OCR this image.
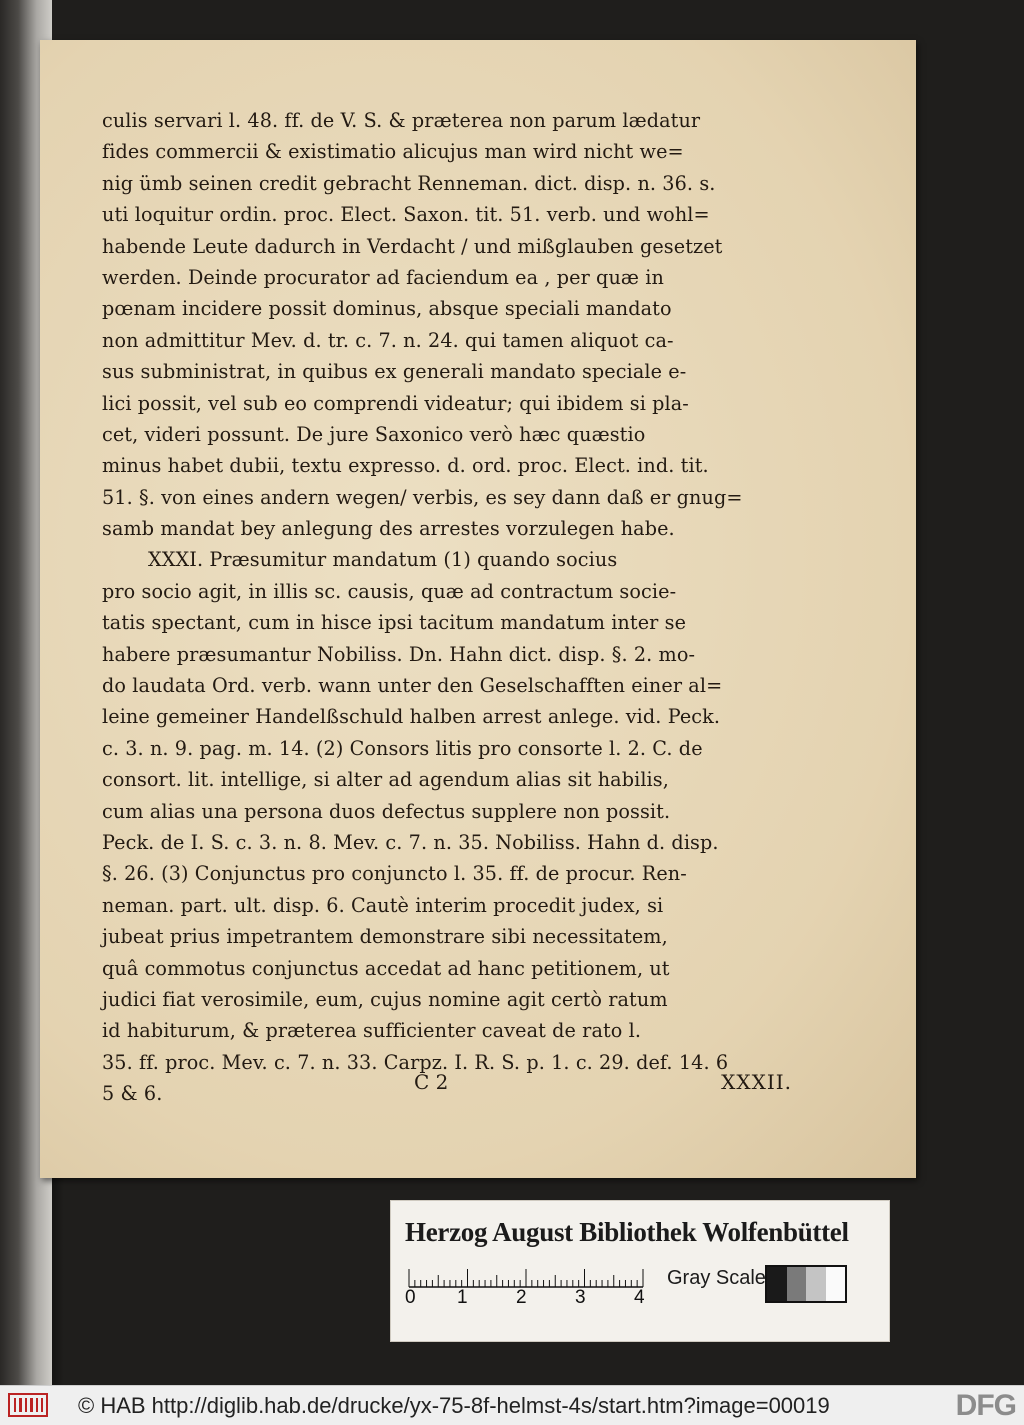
culis servari l. 48. ff. de V. S. & præterea non parum lædatur
fides commercii & existimatio alicujus man wird nicht we=
nig ümb seinen credit gebracht Renneman. dict. disp. n. 36. s.
uti loquitur ordin. proc. Elect. Saxon. tit. 51. verb. und wohl=
habende Leute dadurch in Verdacht / und mißglauben gesetzet
werden. Deinde procurator ad faciendum ea , per quæ in
pœnam incidere possit dominus, absque speciali mandato
non admittitur Mev. d. tr. c. 7. n. 24. qui tamen aliquot ca-
sus subministrat, in quibus ex generali mandato speciale e-
lici possit, vel sub eo comprendi videatur; qui ibidem si pla-
cet, videri possunt. De jure Saxonico verò hæc quæstio
minus habet dubii, textu expresso. d. ord. proc. Elect. ind. tit.
51. §. von eines andern wegen/ verbis, es sey dann daß er gnug=
samb mandat bey anlegung des arrestes vorzulegen habe.
XXXI. Præsumitur mandatum (1) quando socius
pro socio agit, in illis sc. causis, quæ ad contractum socie-
tatis spectant, cum in hisce ipsi tacitum mandatum inter se
habere præsumantur Nobiliss. Dn. Hahn dict. disp. §. 2. mo-
do laudata Ord. verb. wann unter den Geselschafften einer al=
leine gemeiner Handelßschuld halben arrest anlege. vid. Peck.
c. 3. n. 9. pag. m. 14. (2) Consors litis pro consorte l. 2. C. de
consort. lit. intellige, si alter ad agendum alias sit habilis,
cum alias una persona duos defectus supplere non possit.
Peck. de I. S. c. 3. n. 8. Mev. c. 7. n. 35. Nobiliss. Hahn d. disp.
§. 26. (3) Conjunctus pro conjuncto l. 35. ff. de procur. Ren-
neman. part. ult. disp. 6. Cautè interim procedit judex, si
jubeat prius impetrantem demonstrare sibi necessitatem,
quâ commotus conjunctus accedat ad hanc petitionem, ut
judici fiat verosimile, eum, cujus nomine agit certò ratum
id habiturum, & præterea sufficienter caveat de rato l.
35. ff. proc. Mev. c. 7. n. 33. Carpz. I. R. S. p. 1. c. 29. def. 14. 6
5 & 6.	C 2	XXXII.
Herzog August Bibliothek Wolfenbüttel
0 1	2	3	4
Gray Scale
© HAB http://diglib.hab.de/drucke/yx-75-8f-helmst-4s/start.htm?image=00019	DFG
